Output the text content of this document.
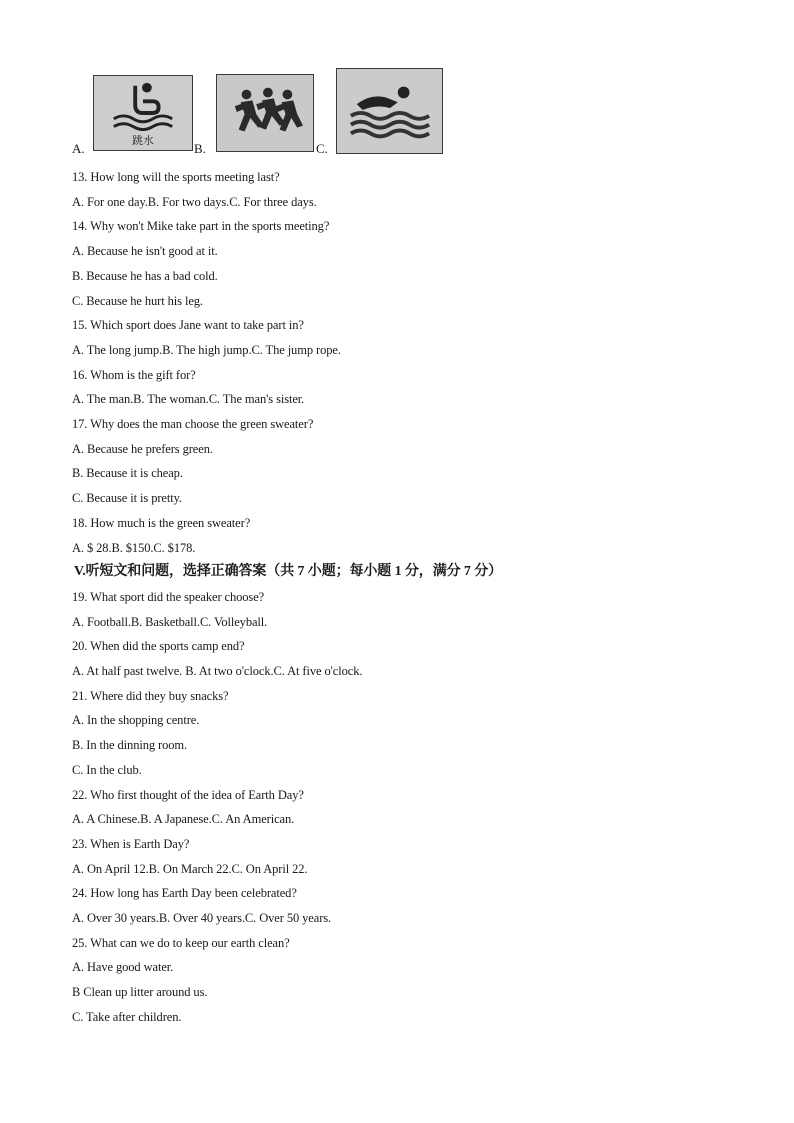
A.
跳水
B.	C.
13. How long will the sports meeting last?
A. For one day.B. For two days.C. For three days.
14. Why won't Mike take part in the sports meeting?
A. Because he isn't good at it.
B. Because he has a bad cold.
C. Because he hurt his leg.
15. Which sport does Jane want to take part in?
A. The long jump.B. The high jump.C. The jump rope.
16. Whom is the gift for?
A. The man.B. The woman.C. The man's sister.
17. Why does the man choose the green sweater?
A. Because he prefers green.
B. Because it is cheap.
C. Because it is pretty.
18. How much is the green sweater?
A. $ 28.B. $150.C. $178.
V.听短文和问题，选择正确答案（共 7 小题；每小题 1 分，满分 7 分）
19. What sport did the speaker choose?
A. Football.B. Basketball.C. Volleyball.
20. When did the sports camp end?
A. At half past twelve. B. At two o'clock.C. At five o'clock.
21. Where did they buy snacks?
A. In the shopping centre.
B. In the dinning room.
C. In the club.
22. Who first thought of the idea of Earth Day?
A. A Chinese.B. A Japanese.C. An American.
23. When is Earth Day?
A. On April 12.B. On March 22.C. On April 22.
24. How long has Earth Day been celebrated?
A. Over 30 years.B. Over 40 years.C. Over 50 years.
25. What can we do to keep our earth clean?
A. Have good water.
B Clean up litter around us.
C. Take after children.
